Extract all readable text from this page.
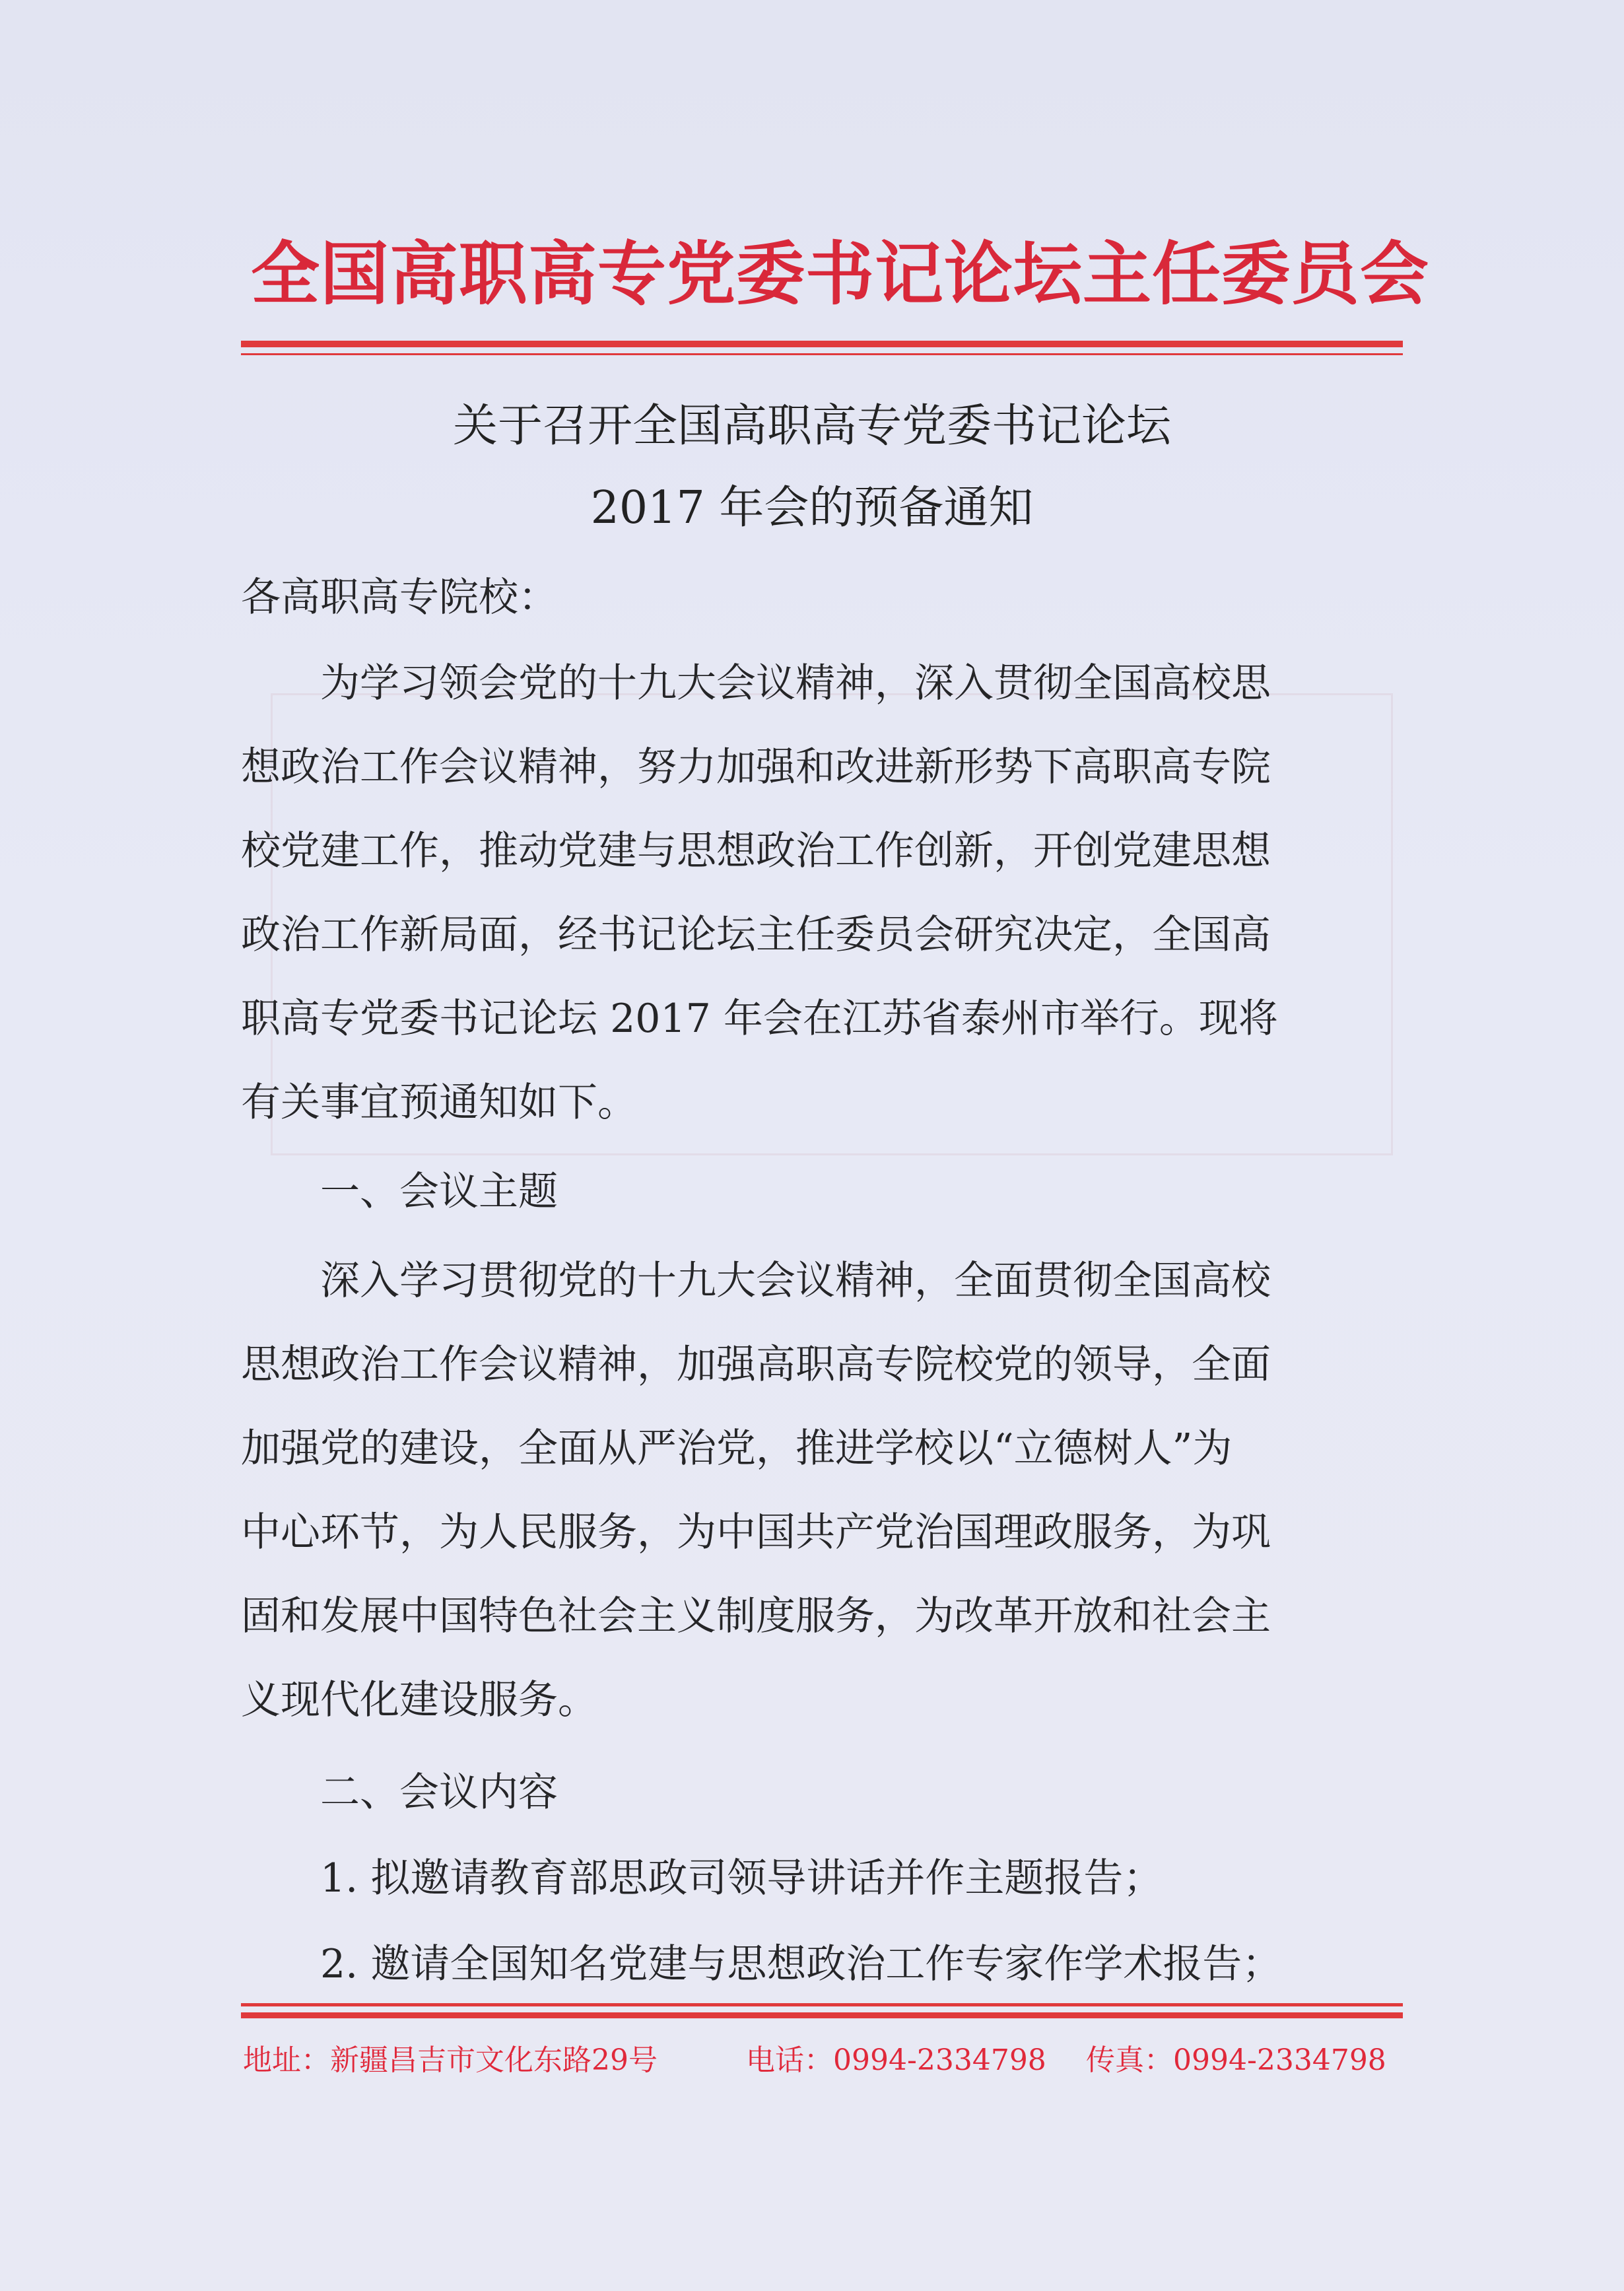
全国高职高专党委书记论坛主任委员会
关于召开全国高职高专党委书记论坛
2017 年会的预备通知
各高职高专院校：
为学习领会党的十九大会议精神，深入贯彻全国高校思
想政治工作会议精神，努力加强和改进新形势下高职高专院
校党建工作，推动党建与思想政治工作创新，开创党建思想
政治工作新局面，经书记论坛主任委员会研究决定，全国高
职高专党委书记论坛 2017 年会在江苏省泰州市举行。现将
有关事宜预通知如下。
一、会议主题
深入学习贯彻党的十九大会议精神，全面贯彻全国高校
思想政治工作会议精神，加强高职高专院校党的领导，全面
加强党的建设，全面从严治党，推进学校以“立德树人”为
中心环节，为人民服务，为中国共产党治国理政服务，为巩
固和发展中国特色社会主义制度服务，为改革开放和社会主
义现代化建设服务。
二、会议内容
1. 拟邀请教育部思政司领导讲话并作主题报告；
2. 邀请全国知名党建与思想政治工作专家作学术报告；
地址：新疆昌吉市文化东路29号	电话：0994-2334798 传真：0994-2334798
